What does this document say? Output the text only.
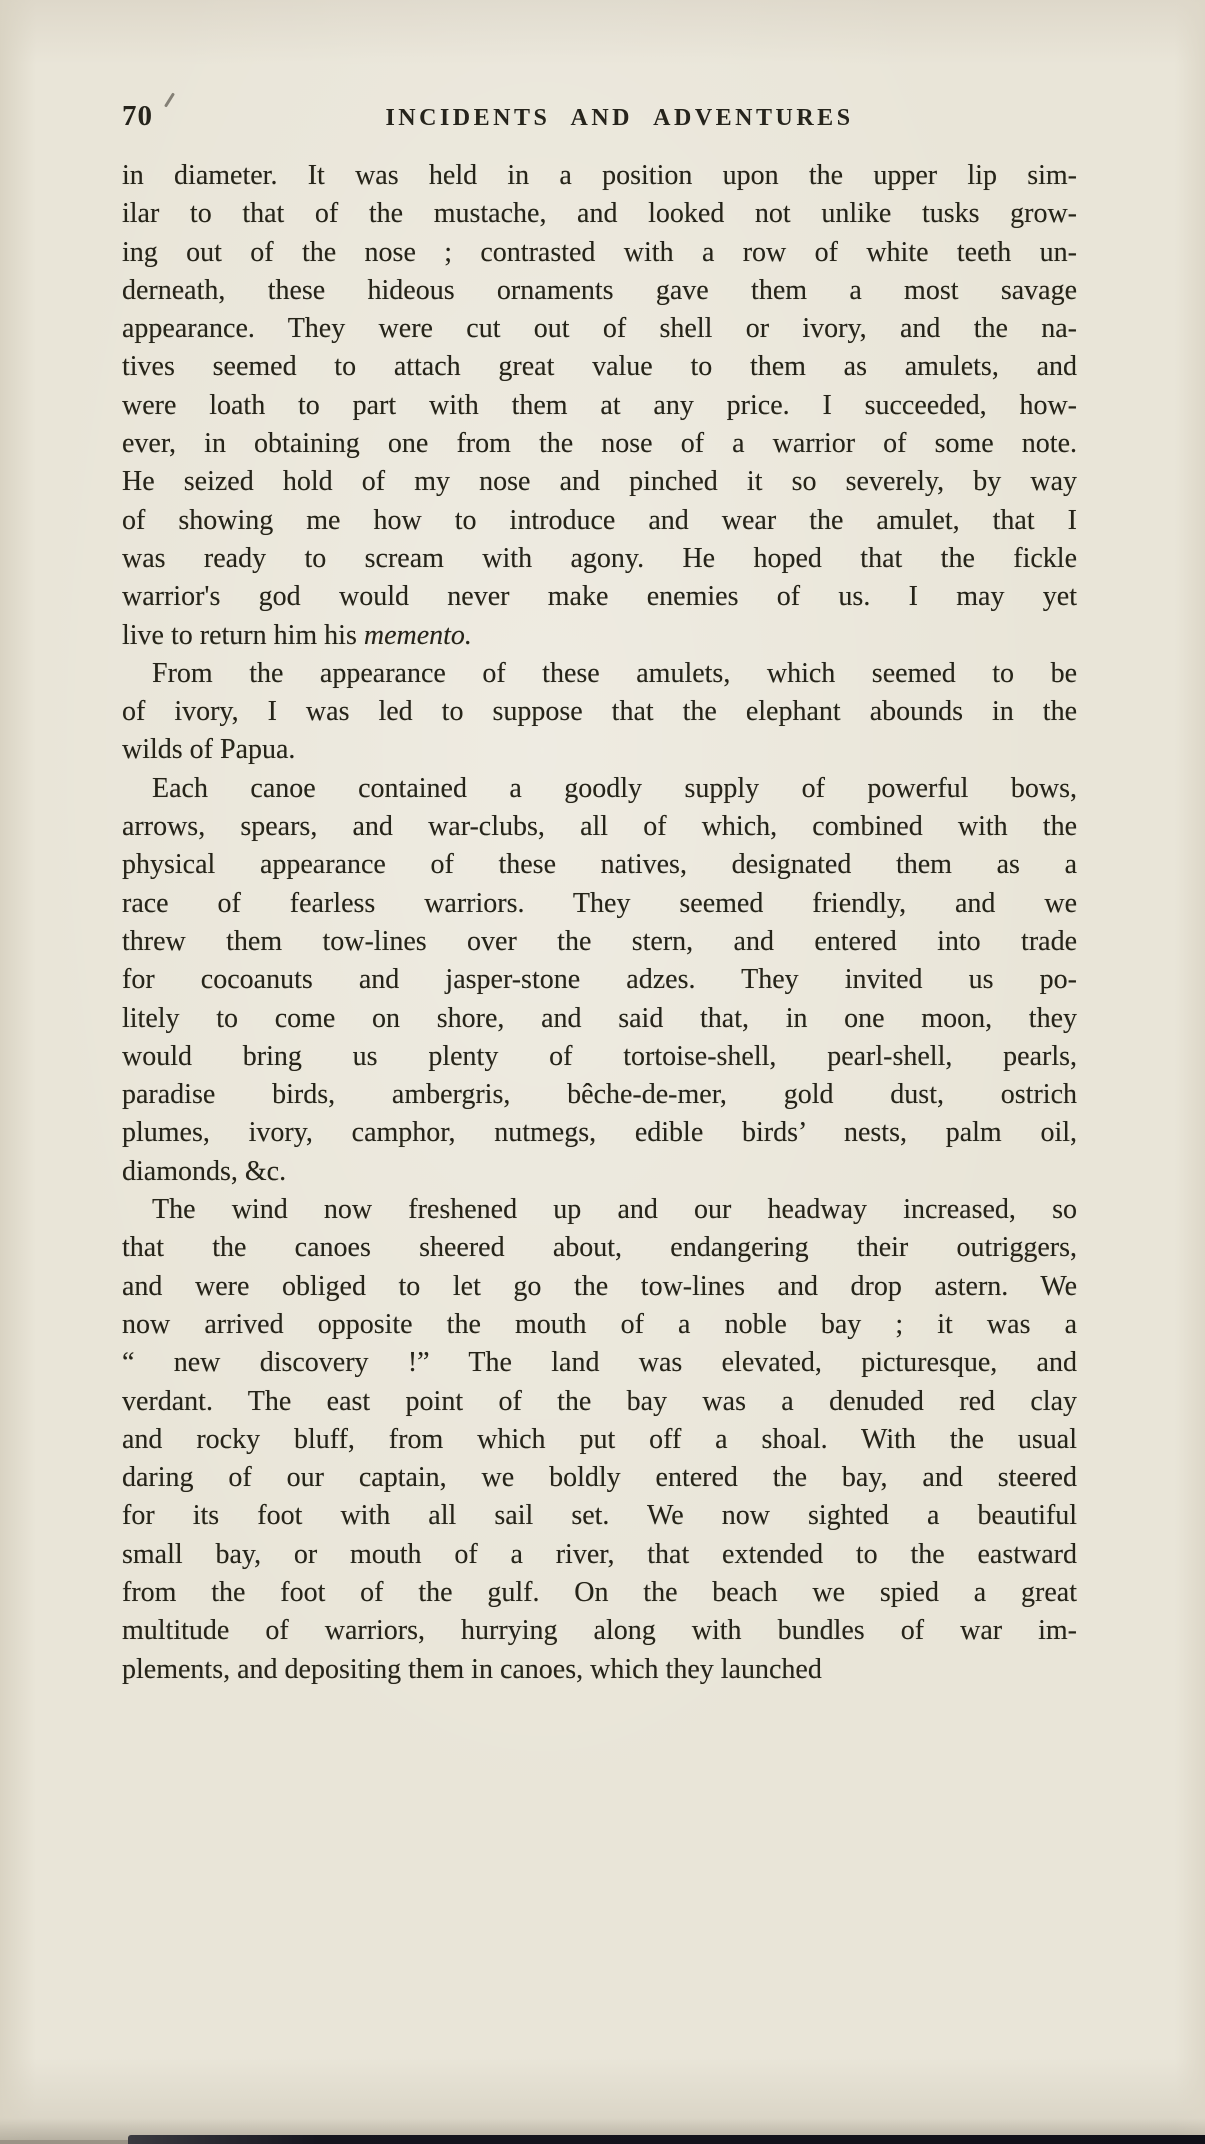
70	INCIDENTS AND ADVENTURES
in diameter. It was held in a position upon the upper lip sim-
ilar to that of the mustache, and looked not unlike tusks grow-
ing out of the nose ; contrasted with a row of white teeth un-
derneath, these hideous ornaments gave them a most savage
appearance. They were cut out of shell or ivory, and the na-
tives seemed to attach great value to them as amulets, and
were loath to part with them at any price. I succeeded, how-
ever, in obtaining one from the nose of a warrior of some note.
He seized hold of my nose and pinched it so severely, by way
of showing me how to introduce and wear the amulet, that I
was ready to scream with agony. He hoped that the fickle
warrior's god would never make enemies of us. I may yet
live to return him his memento.
From the appearance of these amulets, which seemed to be
of ivory, I was led to suppose that the elephant abounds in the
wilds of Papua.
Each canoe contained a goodly supply of powerful bows,
arrows, spears, and war-clubs, all of which, combined with the
physical appearance of these natives, designated them as a
race of fearless warriors. They seemed friendly, and we
threw them tow-lines over the stern, and entered into trade
for cocoanuts and jasper-stone adzes. They invited us po-
litely to come on shore, and said that, in one moon, they
would bring us plenty of tortoise-shell, pearl-shell, pearls,
paradise birds, ambergris, bêche-de-mer, gold dust, ostrich
plumes, ivory, camphor, nutmegs, edible birds’ nests, palm oil,
diamonds, &c.
The wind now freshened up and our headway increased, so
that the canoes sheered about, endangering their outriggers,
and were obliged to let go the tow-lines and drop astern. We
now arrived opposite the mouth of a noble bay ; it was a
“ new discovery !” The land was elevated, picturesque, and
verdant. The east point of the bay was a denuded red clay
and rocky bluff, from which put off a shoal. With the usual
daring of our captain, we boldly entered the bay, and steered
for its foot with all sail set. We now sighted a beautiful
small bay, or mouth of a river, that extended to the eastward
from the foot of the gulf. On the beach we spied a great
multitude of warriors, hurrying along with bundles of war im-
plements, and depositing them in canoes, which they launched
